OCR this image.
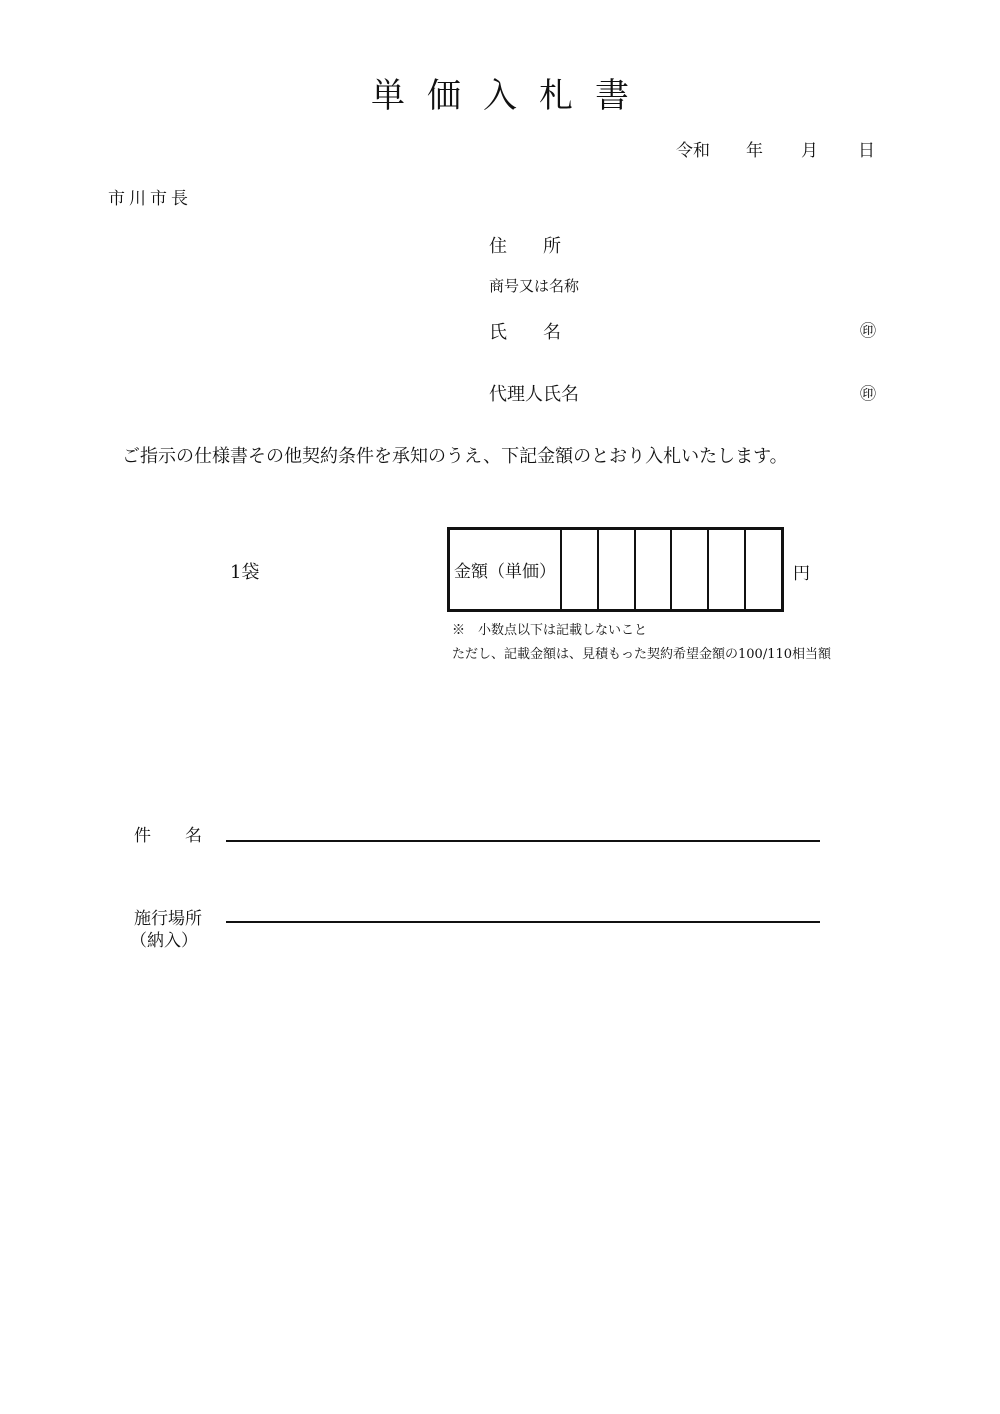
単価入札書
令和 年 月 日
市川市長
住　　所
商号又は名称
氏　　名	㊞
代理人氏名	㊞
ご指示の仕様書その他契約条件を承知のうえ、下記金額のとおり入札いたします。
1袋	金額（単価）	円
※　小数点以下は記載しないこと
ただし、記載金額は、見積もった契約希望金額の100/110相当額
件　　名
施行場所
（納入）
